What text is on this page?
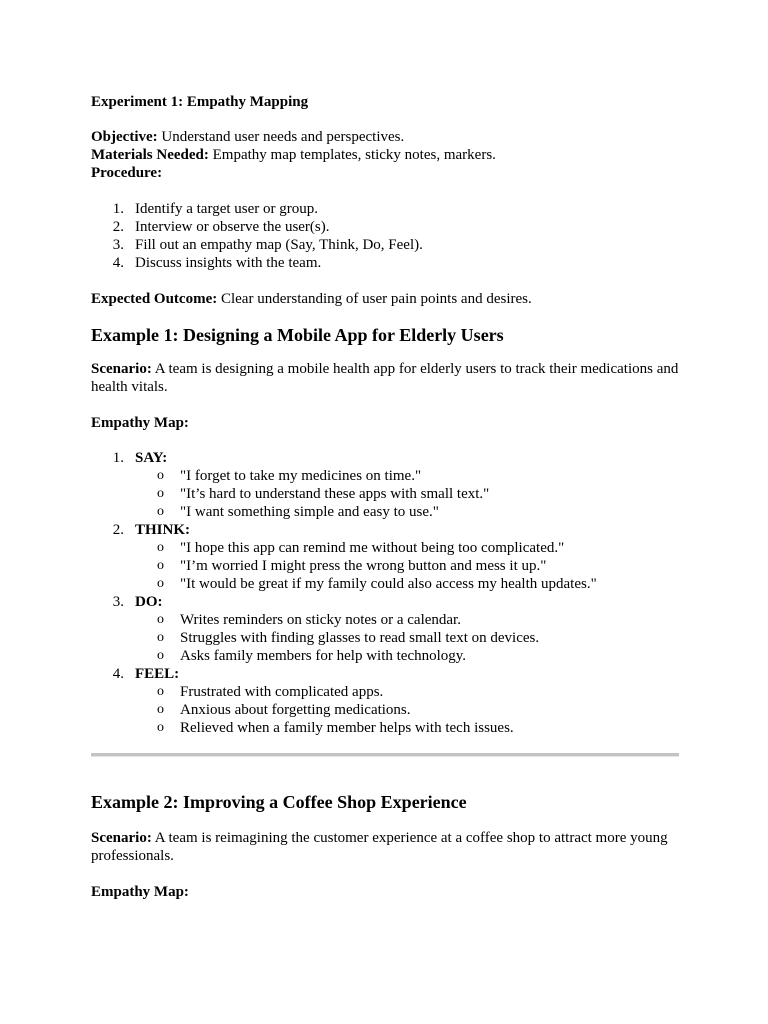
Experiment 1: Empathy Mapping

Objective: Understand user needs and perspectives.

Materials Needed: Empathy map templates, sticky notes, markers.

Procedure:

1. Identify a target user or group.
2. Interview or observe the user(s).
3. Fill out an empathy map (Say, Think, Do, Feel).
4. Discuss insights with the team.

Expected Outcome: Clear understanding of user pain points and desires.

Example 1: Designing a Mobile App for Elderly Users

Scenario: A team is designing a mobile health app for elderly users to track their medications and health vitals.

Empathy Map:

1. SAY:
o "I forget to take my medicines on time."
o "It’s hard to understand these apps with small text."
o "I want something simple and easy to use."
2. THINK:
o "I hope this app can remind me without being too complicated."
o "I’m worried I might press the wrong button and mess it up."
o "It would be great if my family could also access my health updates."
3. DO:
o Writes reminders on sticky notes or a calendar.
o Struggles with finding glasses to read small text on devices.
o Asks family members for help with technology.
4. FEEL:
o Frustrated with complicated apps.
o Anxious about forgetting medications.
o Relieved when a family member helps with tech issues.
Example 2: Improving a Coffee Shop Experience

Scenario: A team is reimagining the customer experience at a coffee shop to attract more young professionals.

Empathy Map:
